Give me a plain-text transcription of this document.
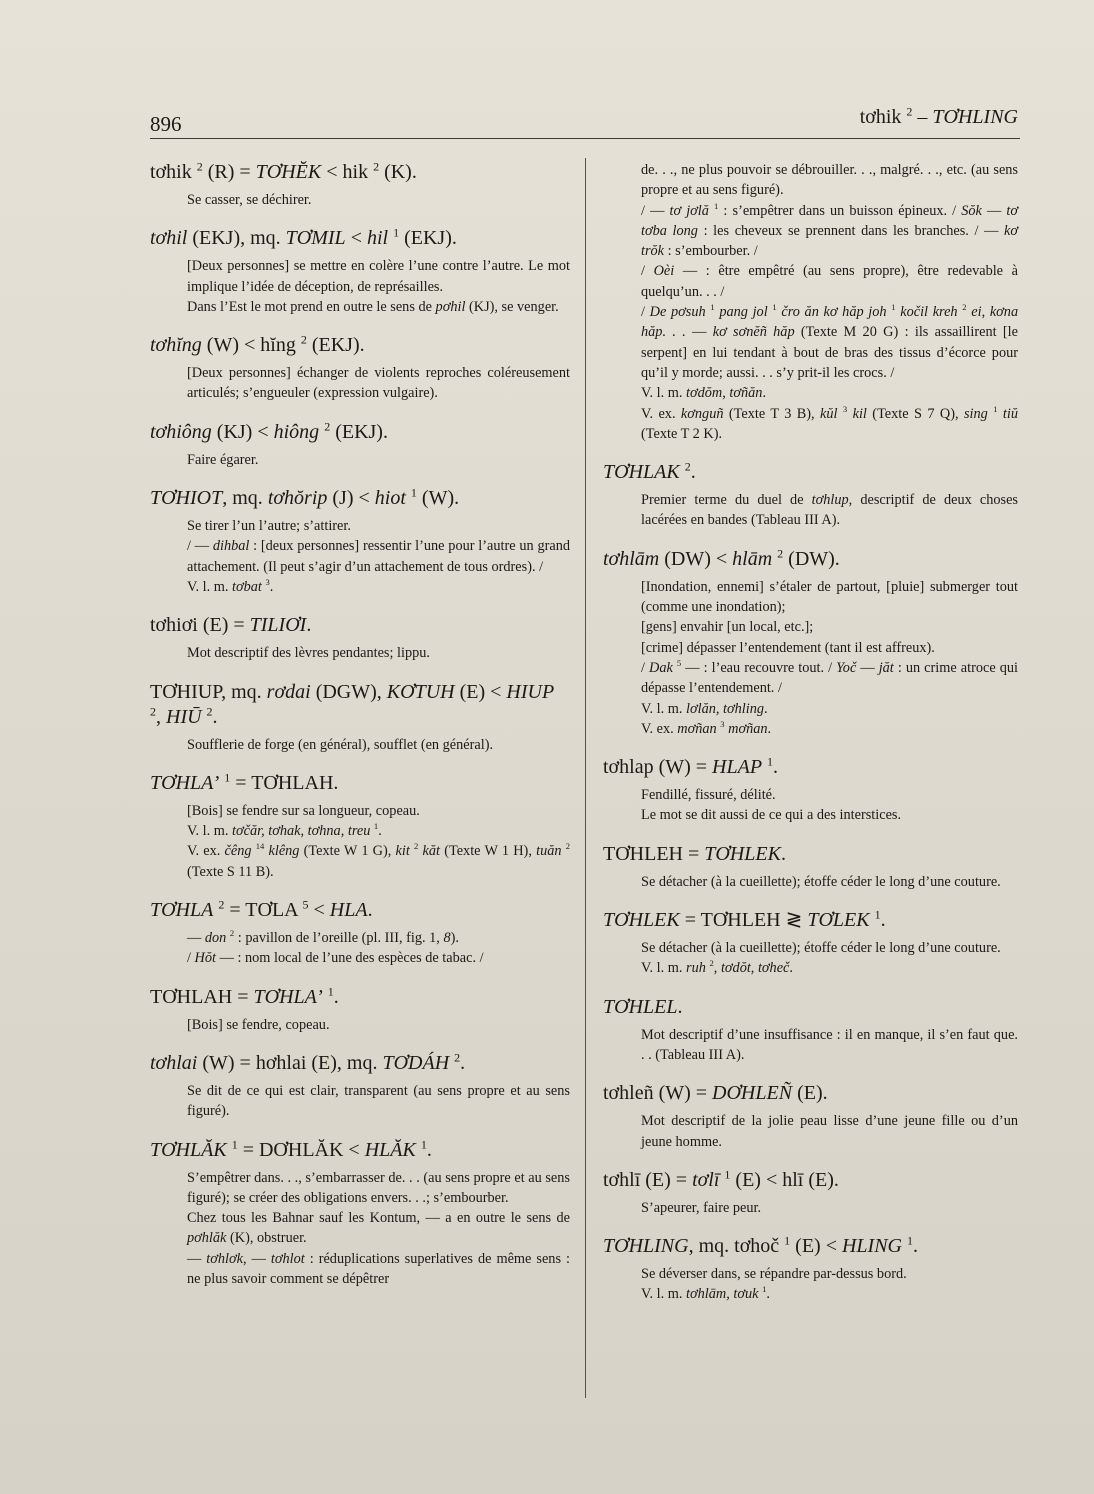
896	tơhik $^2$ – TƠHLING
tơhik $^2$ (R) = TƠHĔK < hik $^2$ (K).

Se casser, se déchirer.

tơhil (EKJ), mq. TƠMIL < hil $^1$ (EKJ).

[Deux personnes] se mettre en colère l’une contre l’autre. Le mot implique l’idée de déception, de représailles.

Dans l’Est le mot prend en outre le sens de pơhil (KJ), se venger.

tơhĭng (W) < hĭng $^2$ (EKJ).

[Deux personnes] échanger de violents reproches coléreusement articulés; s’engueuler (expression vulgaire).

tơhiông (KJ) < hiông $^2$ (EKJ).

Faire égarer.

TƠHIOT, mq. tơhŏrip (J) < hiot $^1$ (W).

Se tirer l’un l’autre; s’attirer.

/ — dihbal : [deux personnes] ressentir l’une pour l’autre un grand attachement. (Il peut s’agir d’un attachement de tous ordres). /

V. l. m. tơbat $^3$.

tơhiơi (E) = TILIƠI.

Mot descriptif des lèvres pendantes; lippu.

TƠHIUP, mq. rơdai (DGW), KƠTUH (E) < HIUP $^2$, HIŪ $^2$.

Soufflerie de forge (en général), soufflet (en général).

TƠHLA’ $^1$ = TƠHLAH.

[Bois] se fendre sur sa longueur, copeau.

V. l. m. tơčăr, tơhak, tơhna, treu $^1$.

V. ex. čêng $^{14}$ klêng (Texte W 1 G), kit $^2$ kăt (Texte W 1 H), tuăn $^2$ (Texte S 11 B).

TƠHLA $^2$ = TƠLA $^5$ < HLA.

— don $^2$ : pavillon de l’oreille (pl. III, fig. 1, 8).

/ Hŏt — : nom local de l’une des espèces de tabac. /

TƠHLAH = TƠHLA’ $^1$.

[Bois] se fendre, copeau.

tơhlai (W) = hơhlai (E), mq. TƠDÁH $^2$.

Se dit de ce qui est clair, transparent (au sens propre et au sens figuré).

TƠHLĂK $^1$ = DƠHLĂK < HLĂK $^1$.

S’empêtrer dans. . ., s’embarrasser de. . . (au sens propre et au sens figuré); se créer des obligations envers. . .; s’embourber.

Chez tous les Bahnar sauf les Kontum, — a en outre le sens de pơhlăk (K), obstruer.

— tơhlơk, — tơhlot : réduplications superlatives de même sens : ne plus savoir comment se dépêtrer

de. . ., ne plus pouvoir se débrouiller. . ., malgré. . ., etc. (au sens propre et au sens figuré).

/ — tơ jơlă $^1$ : s’empêtrer dans un buisson épineux. / Sŏk — tơ tơba long : les cheveux se prennent dans les branches. / — kơ trŏk : s’embourber. /

/ Oèi — : être empêtré (au sens propre), être redevable à quelqu’un. . . /

/ De pơsuh $^1$ pang jol $^1$ čro ăn kơ hăp joh $^1$ kočil kreh $^2$ ei, kơna hăp. . . — kơ sơnĕñ hăp (Texte M 20 G) : ils assaillirent [le serpent] en lui tendant à bout de bras des tissus d’écorce pour qu’il y morde; aussi. . . s’y prit-il les crocs. /

V. l. m. tơdŏm, tơñăn.

V. ex. kơnguñ (Texte T 3 B), kŭl $^3$ kil (Texte S 7 Q), sing $^1$ tiŭ (Texte T 2 K).

TƠHLAK $^2$.

Premier terme du duel de tơhlup, descriptif de deux choses lacérées en bandes (Tableau III A).

tơhlām (DW) < hlām $^2$ (DW).

[Inondation, ennemi] s’étaler de partout, [pluie] submerger tout (comme une inondation);

[gens] envahir [un local, etc.];

[crime] dépasser l’entendement (tant il est affreux).

/ Dak $^5$ — : l’eau recouvre tout. / Yoč — jăt : un crime atroce qui dépasse l’entendement. /

V. l. m. lơlăn, tơhling.

V. ex. mơñan $^3$ mơñan.

tơhlap (W) = HLAP $^1$.

Fendillé, fissuré, délité.

Le mot se dit aussi de ce qui a des interstices.

TƠHLEH = TƠHLEK.

Se détacher (à la cueillette); étoffe céder le long d’une couture.

TƠHLEK = TƠHLEH ≷ TƠLEK $^1$.

Se détacher (à la cueillette); étoffe céder le long d’une couture.

V. l. m. ruh $^2$, tơdŏt, tơheč.

TƠHLEL.

Mot descriptif d’une insuffisance : il en manque, il s’en faut que. . . (Tableau III A).

tơhleñ (W) = DƠHLEÑ (E).

Mot descriptif de la jolie peau lisse d’une jeune fille ou d’un jeune homme.

tơhlī (E) = tơlī $^1$ (E) < hlī (E).

S’apeurer, faire peur.

TƠHLING, mq. tơhoč $^1$ (E) < HLING $^1$.

Se déverser dans, se répandre par-dessus bord.

V. l. m. tơhlām, tơuk $^1$.
